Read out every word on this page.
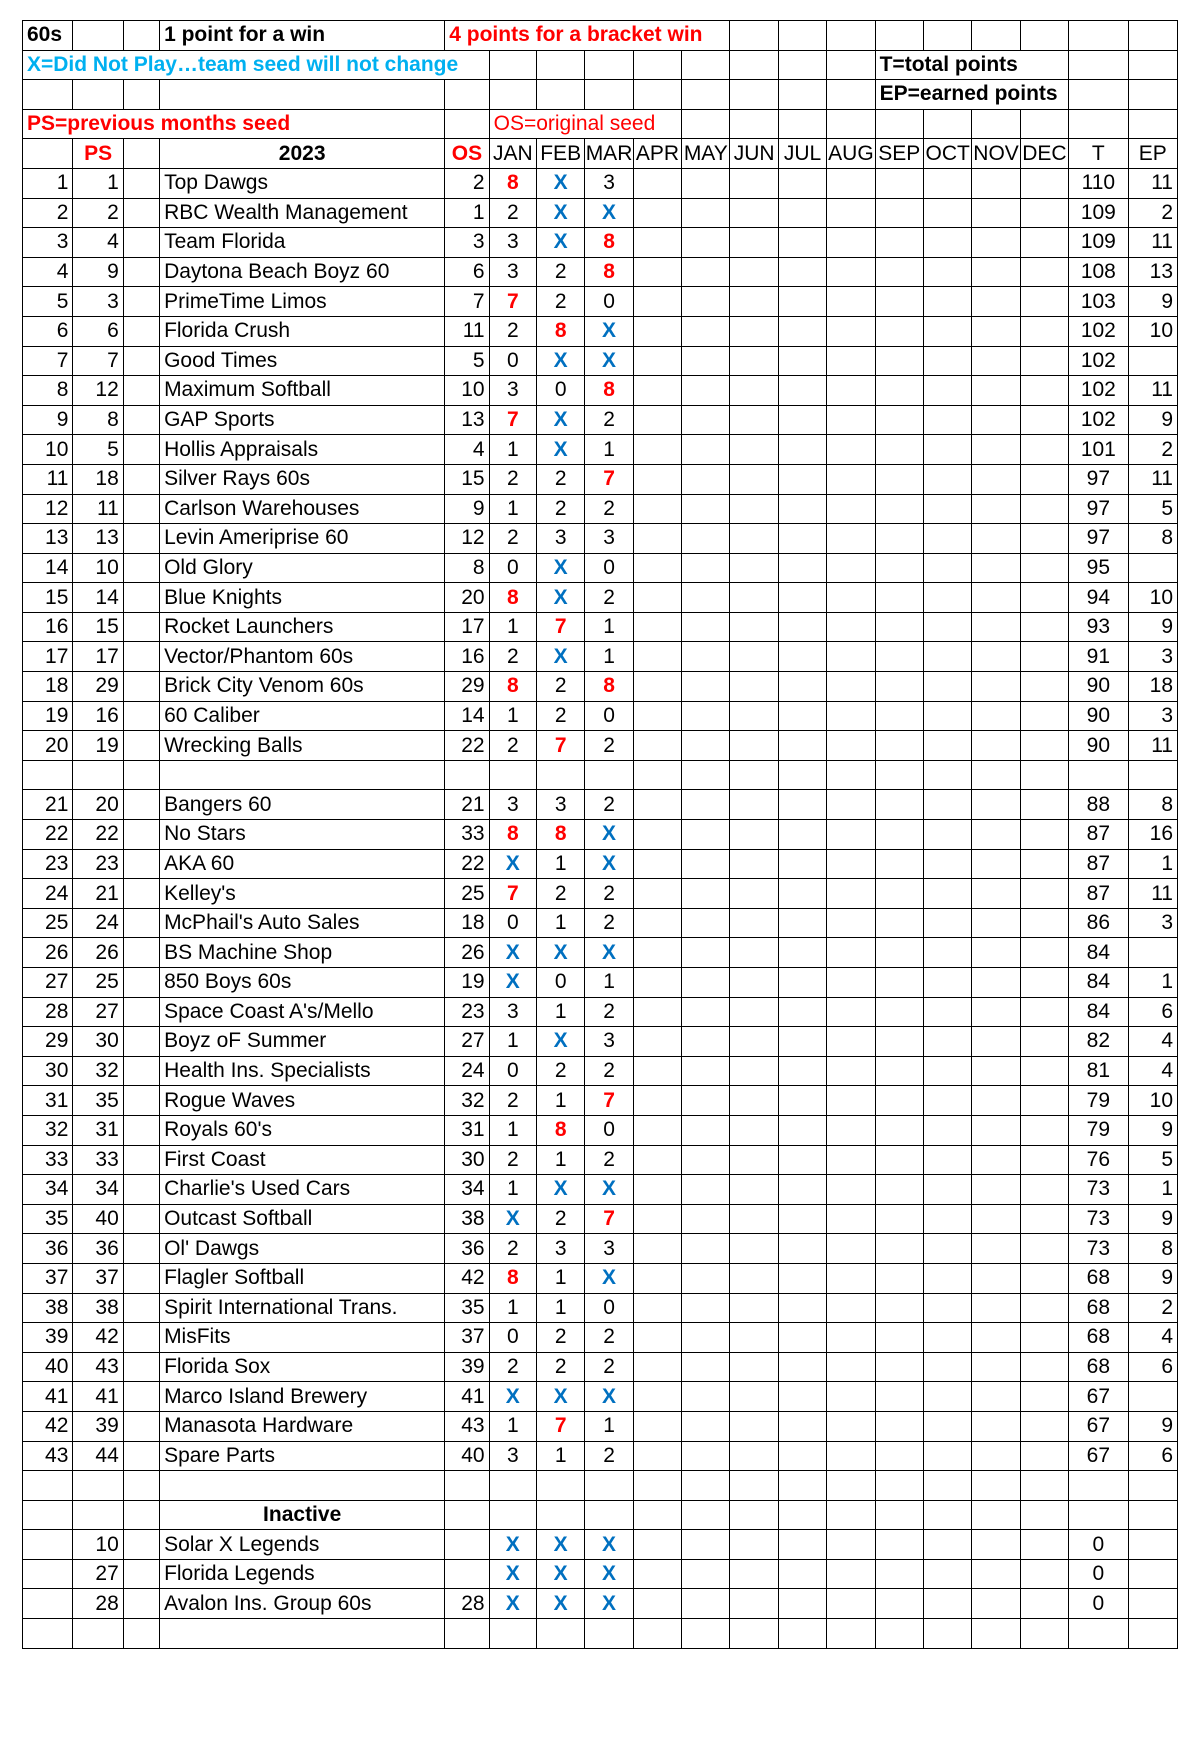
60s			1 point for a win	4 points for a bracket win														
X=Did Not Play…team seed will not change													T=total points					
													EP=earned points					
PS=previous months seed					OS=original seed													
	PS		2023	OS	JAN	FEB	MAR	APR	MAY	JUN	JUL	AUG	SEP	OCT	NOV	DEC	T	EP
1	1		Top Dawgs	2	8	X	3										110	11
2	2		RBC Wealth Management	1	2	X	X										109	2
3	4		Team Florida	3	3	X	8										109	11
4	9		Daytona Beach Boyz 60	6	3	2	8										108	13
5	3		PrimeTime Limos	7	7	2	0										103	9
6	6		Florida Crush	11	2	8	X										102	10
7	7		Good Times	5	0	X	X										102	
8	12		Maximum Softball	10	3	0	8										102	11
9	8		GAP Sports	13	7	X	2										102	9
10	5		Hollis Appraisals	4	1	X	1										101	2
11	18		Silver Rays 60s	15	2	2	7										97	11
12	11		Carlson Warehouses	9	1	2	2										97	5
13	13		Levin Ameriprise 60	12	2	3	3										97	8
14	10		Old Glory	8	0	X	0										95	
15	14		Blue Knights	20	8	X	2										94	10
16	15		Rocket Launchers	17	1	7	1										93	9
17	17		Vector/Phantom 60s	16	2	X	1										91	3
18	29		Brick City Venom 60s	29	8	2	8										90	18
19	16		60 Caliber	14	1	2	0										90	3
20	19		Wrecking Balls	22	2	7	2										90	11

21	20		Bangers 60	21	3	3	2										88	8
22	22		No Stars	33	8	8	X										87	16
23	23		AKA 60	22	X	1	X										87	1
24	21		Kelley's	25	7	2	2										87	11
25	24		McPhail's Auto Sales	18	0	1	2										86	3
26	26		BS Machine Shop	26	X	X	X										84	
27	25		850 Boys 60s	19	X	0	1										84	1
28	27		Space Coast A's/Mello	23	3	1	2										84	6
29	30		Boyz oF Summer	27	1	X	3										82	4
30	32		Health Ins. Specialists	24	0	2	2										81	4
31	35		Rogue Waves	32	2	1	7										79	10
32	31		Royals 60's	31	1	8	0										79	9
33	33		First Coast	30	2	1	2										76	5
34	34		Charlie's Used Cars	34	1	X	X										73	1
35	40		Outcast Softball	38	X	2	7										73	9
36	36		Ol' Dawgs	36	2	3	3										73	8
37	37		Flagler Softball	42	8	1	X										68	9
38	38		Spirit International Trans.	35	1	1	0										68	2
39	42		MisFits	37	0	2	2										68	4
40	43		Florida Sox	39	2	2	2										68	6
41	41		Marco Island Brewery	41	X	X	X										67	
42	39		Manasota Hardware	43	1	7	1										67	9
43	44		Spare Parts	40	3	1	2										67	6

			Inactive															
	10		Solar X Legends		X	X	X										0	
	27		Florida Legends		X	X	X										0	
	28		Avalon Ins. Group 60s	28	X	X	X										0	
